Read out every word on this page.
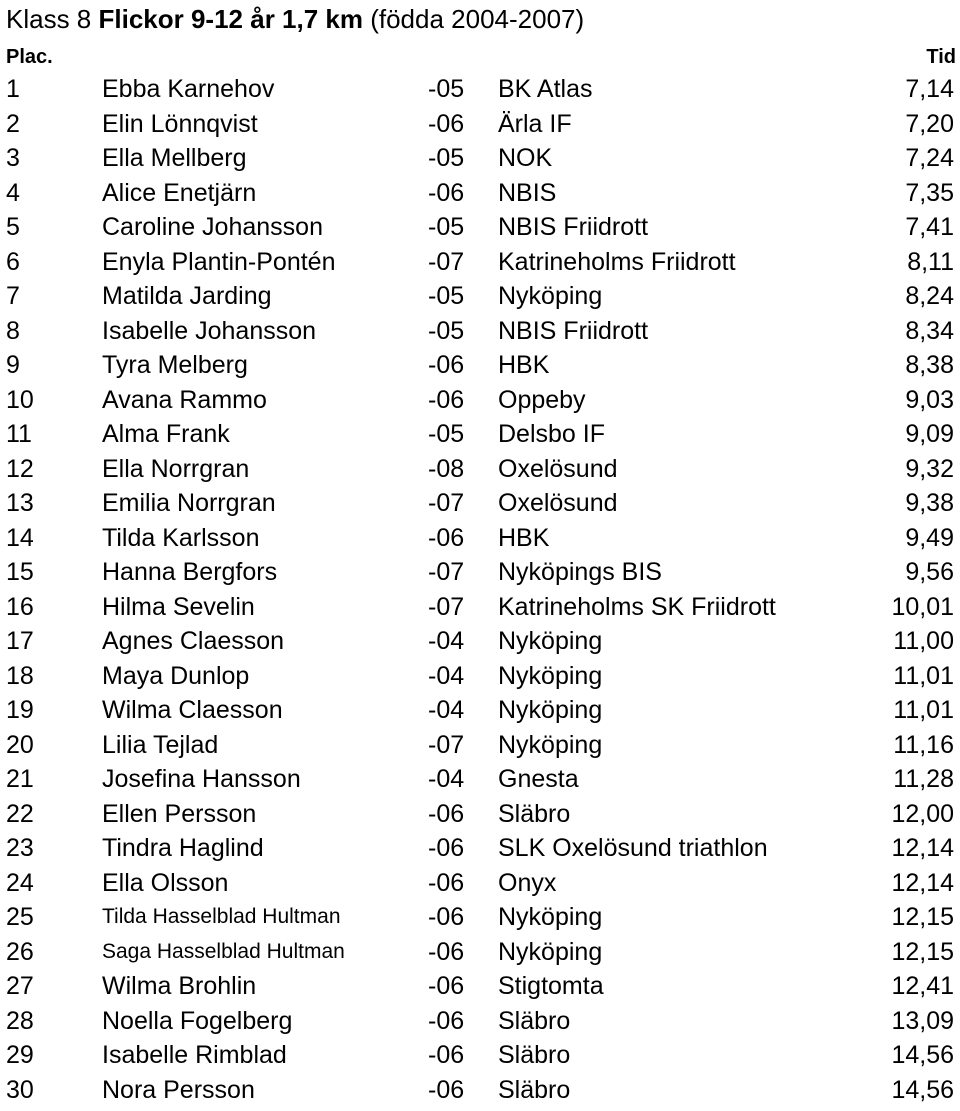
Klass 8 Flickor 9-12 år 1,7 km (födda 2004-2007)
Plac.	Tid
1	Ebba Karnehov	-05 BK Atlas	7,14
2	Elin Lönnqvist	-06 Ärla IF	7,20
3	Ella Mellberg	-05 NOK	7,24
4	Alice Enetjärn	-06 NBIS	7,35
5	Caroline Johansson	-05 NBIS Friidrott	7,41
6	Enyla Plantin-Pontén	-07 Katrineholms Friidrott	8,11
7	Matilda Jarding	-05 Nyköping	8,24
8	Isabelle Johansson	-05 NBIS Friidrott	8,34
9	Tyra Melberg	-06 HBK	8,38
10	Avana Rammo	-06 Oppeby	9,03
11	Alma Frank	-05 Delsbo IF	9,09
12	Ella Norrgran	-08 Oxelösund	9,32
13	Emilia Norrgran	-07 Oxelösund	9,38
14	Tilda Karlsson	-06 HBK	9,49
15	Hanna Bergfors	-07 Nyköpings BIS	9,56
16	Hilma Sevelin	-07 Katrineholms SK Friidrott	10,01
17	Agnes Claesson	-04 Nyköping	11,00
18	Maya Dunlop	-04 Nyköping	11,01
19	Wilma Claesson	-04 Nyköping	11,01
20	Lilia Tejlad	-07 Nyköping	11,16
21	Josefina Hansson	-04 Gnesta	11,28
22	Ellen Persson	-06 Släbro	12,00
23	Tindra Haglind	-06 SLK Oxelösund triathlon	12,14
24	Ella Olsson	-06 Onyx	12,14
25	Tilda Hasselblad Hultman	-06 Nyköping	12,15
26	Saga Hasselblad Hultman	-06 Nyköping	12,15
27	Wilma Brohlin	-06 Stigtomta	12,41
28	Noella Fogelberg	-06 Släbro	13,09
29	Isabelle Rimblad	-06 Släbro	14,56
30	Nora Persson	-06 Släbro	14,56
